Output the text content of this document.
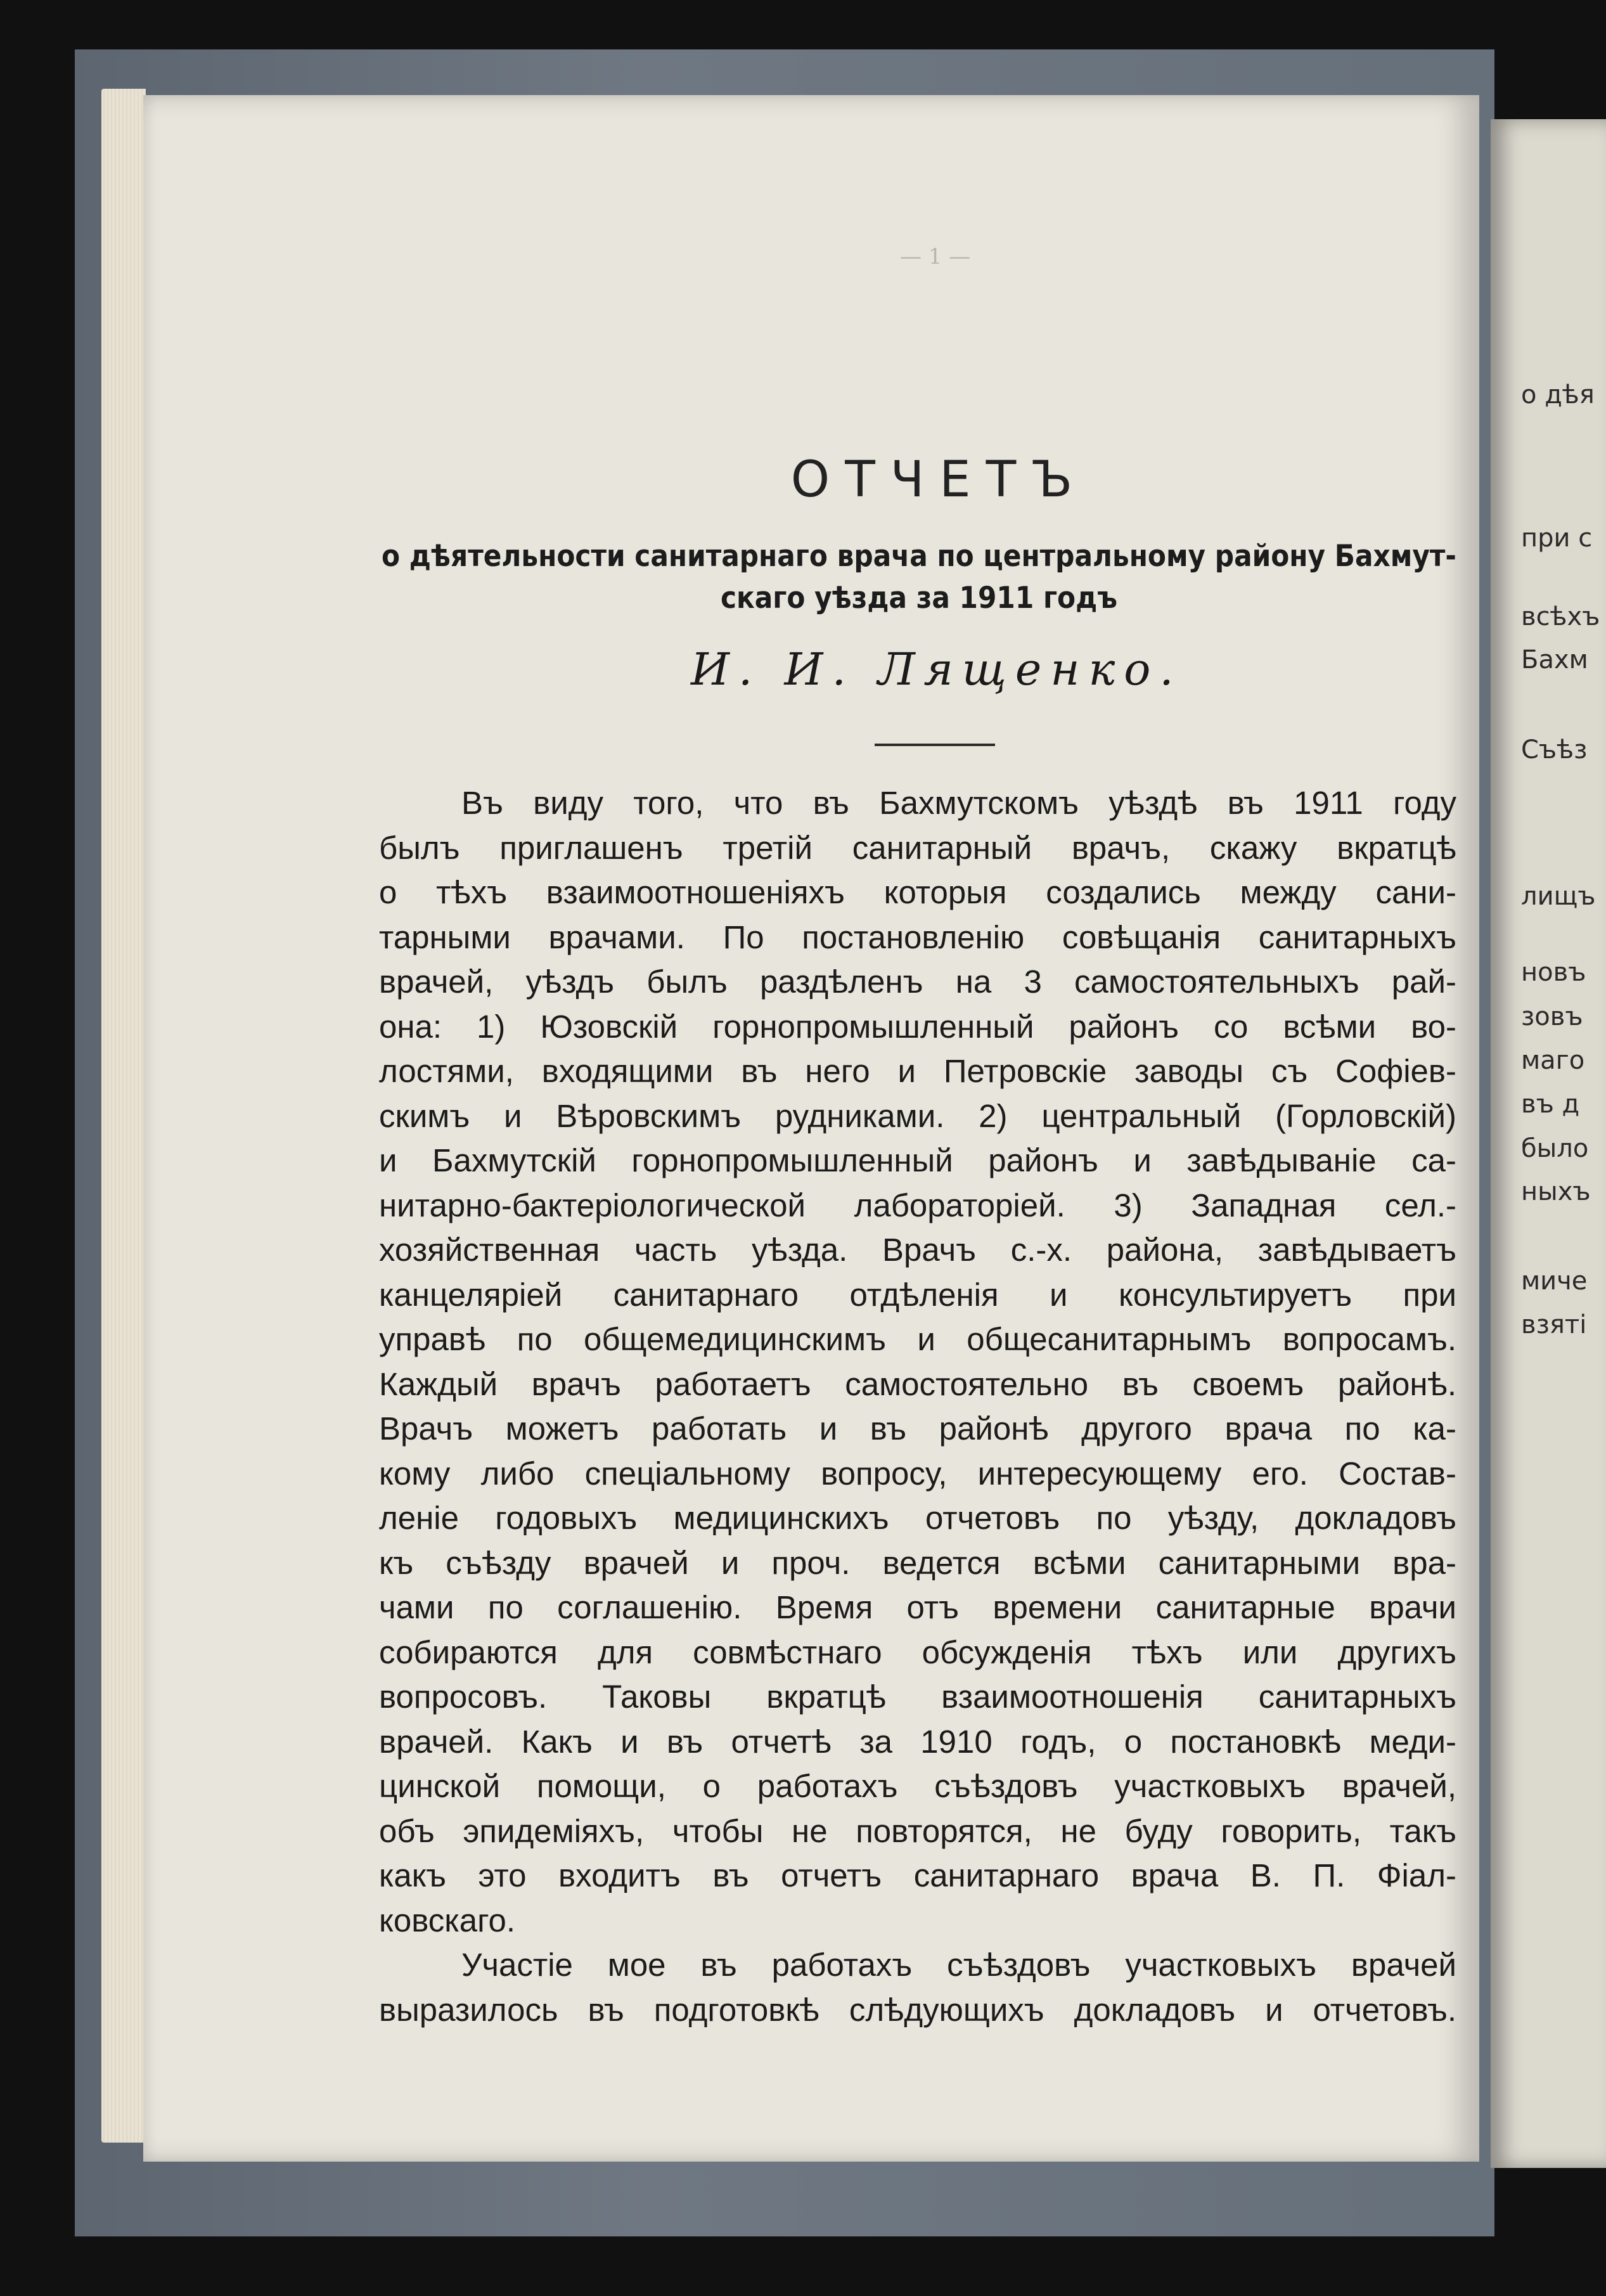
— 1 —
ОТЧЕТЪ
о дѣятельности санитарнаго врача по центральному району Бахмут-
скаго уѣзда за 1911 годъ
И. И. Лященко.
Въ виду того, что въ Бахмутскомъ уѣздѣ въ 1911 году
былъ приглашенъ третій санитарный врачъ, скажу вкратцѣ
о тѣхъ взаимоотношеніяхъ которыя создались между сани-
тарными врачами. По постановленію совѣщанія санитарныхъ
врачей, уѣздъ былъ раздѣленъ на 3 самостоятельныхъ рай-
она: 1) Юзовскій горнопромышленный районъ со всѣми во-
лостями, входящими въ него и Петровскіе заводы съ Софіев-
скимъ и Вѣровскимъ рудниками. 2) центральный (Горловскій)
и Бахмутскій горнопромышленный районъ и завѣдываніе са-
нитарно-бактеріологической лабораторіей. 3) Западная сел.-
хозяйственная часть уѣзда. Врачъ с.-х. района, завѣдываетъ
канцеляріей санитарнаго отдѣленія и консультируетъ при
управѣ по общемедицинскимъ и общесанитарнымъ вопросамъ.
Каждый врачъ работаетъ самостоятельно въ своемъ районѣ.
Врачъ можетъ работать и въ районѣ другого врача по ка-
кому либо спеціальному вопросу, интересующему его. Состав-
леніе годовыхъ медицинскихъ отчетовъ по уѣзду, докладовъ
къ съѣзду врачей и проч. ведется всѣми санитарными вра-
чами по соглашенію. Время отъ времени санитарные врачи
собираются для совмѣстнаго обсужденія тѣхъ или другихъ
вопросовъ. Таковы вкратцѣ взаимоотношенія санитарныхъ
врачей. Какъ и въ отчетѣ за 1910 годъ, о постановкѣ меди-
цинской помощи, о работахъ съѣздовъ участковыхъ врачей,
объ эпидеміяхъ, чтобы не повторятся, не буду говорить, такъ
какъ это входитъ въ отчетъ санитарнаго врача В. П. Фіал-
ковскаго.
Участіе мое въ работахъ съѣздовъ участковыхъ врачей
выразилось въ подготовкѣ слѣдующихъ докладовъ и отчетовъ.
о дѣя
при с
всѣхъ
Бахм
Съѣз
лищъ
новъ
зовъ
маго
въ д
было
ныхъ
миче
взяті
